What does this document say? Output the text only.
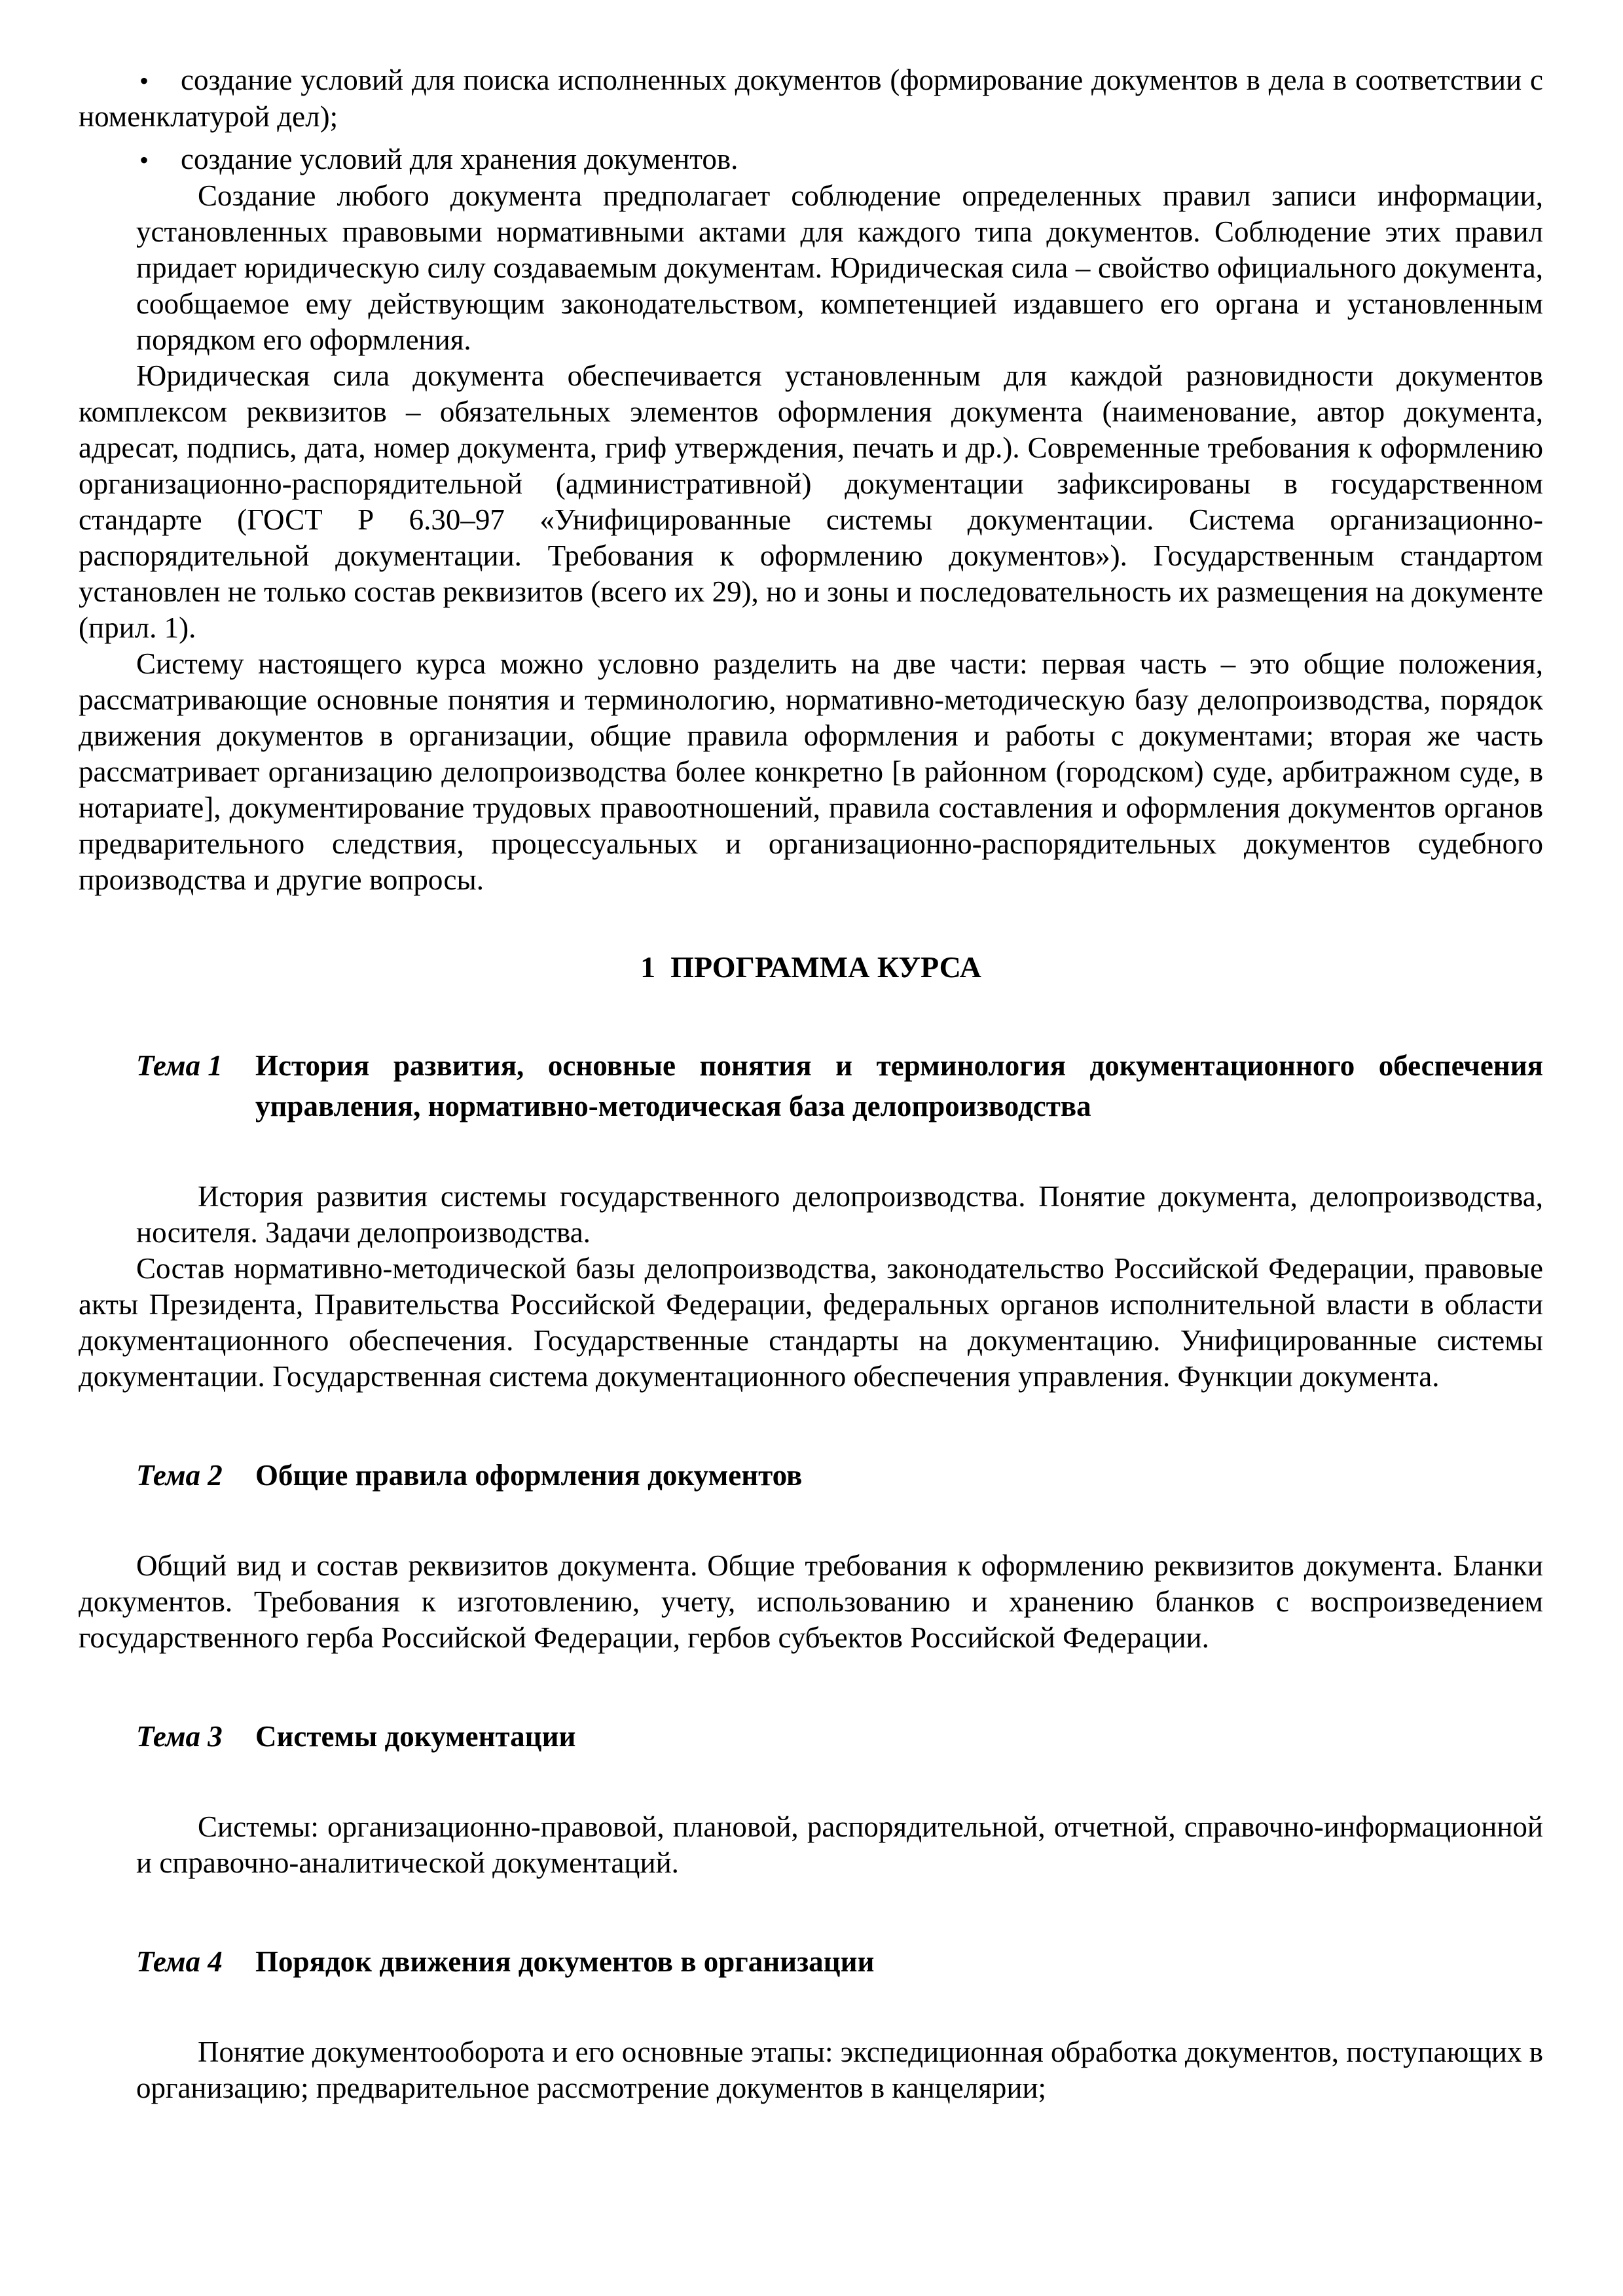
• создание условий для поиска исполненных документов (формирование документов в дела в соответствии с номенклатурой дел);

• создание условий для хранения документов.

Создание любого документа предполагает соблюдение определенных правил записи информации, установленных правовыми нормативными актами для каждого типа документов. Соблюдение этих правил придает юридическую силу создаваемым документам. Юридическая сила – свойство официального документа, сообщаемое ему действующим законодательством, компетенцией издавшего его органа и установленным порядком его оформления.

Юридическая сила документа обеспечивается установленным для каждой разновидности документов комплексом реквизитов – обязательных элементов оформления документа (наименование, автор документа, адресат, подпись, дата, номер документа, гриф утверждения, печать и др.). Современные требования к оформлению организационно-распорядительной (административной) документации зафиксированы в государственном стандарте (ГОСТ Р 6.30–97 «Унифицированные системы документации. Система организационно-распорядительной документации. Требования к оформлению документов»). Государственным стандартом установлен не только состав реквизитов (всего их 29), но и зоны и последовательность их размещения на документе (прил. 1).

Систему настоящего курса можно условно разделить на две части: первая часть – это общие положения, рассматривающие основные понятия и терминологию, нормативно-методическую базу делопроизводства, порядок движения документов в организации, общие правила оформления и работы с документами; вторая же часть рассматривает организацию делопроизводства более конкретно [в районном (городском) суде, арбитражном суде, в нотариате], документирование трудовых правоотношений, правила составления и оформления документов органов предварительного следствия, процессуальных и организационно-распорядительных документов судебного производства и другие вопросы.

1  ПРОГРАММА КУРСА
Тема 1 История развития, основные понятия и терминология документационного обеспечения управления, нормативно-методическая база делопроизводства

История развития системы государственного делопроизводства. Понятие документа, делопроизводства, носителя. Задачи делопроизводства.

Состав нормативно-методической базы делопроизводства, законодательство Российской Федерации, правовые акты Президента, Правительства Российской Федерации, федеральных органов исполнительной власти в области документационного обеспечения. Государственные стандарты на документацию. Унифицированные системы документации. Государственная система документационного обеспечения управления. Функции документа.

Тема 2 Общие правила оформления документов

Общий вид и состав реквизитов документа. Общие требования к оформлению реквизитов документа. Бланки документов. Требования к изготовлению, учету, использованию и хранению бланков с воспроизведением государственного герба Российской Федерации, гербов субъектов Российской Федерации.

Тема 3 Системы документации

Системы: организационно-правовой, плановой, распорядительной, отчетной, справочно-информационной и справочно-аналитической документаций.

Тема 4 Порядок движения документов в организации

Понятие документооборота и его основные этапы: экспедиционная обработка документов, поступающих в организацию; предварительное рассмотрение документов в канцелярии;
